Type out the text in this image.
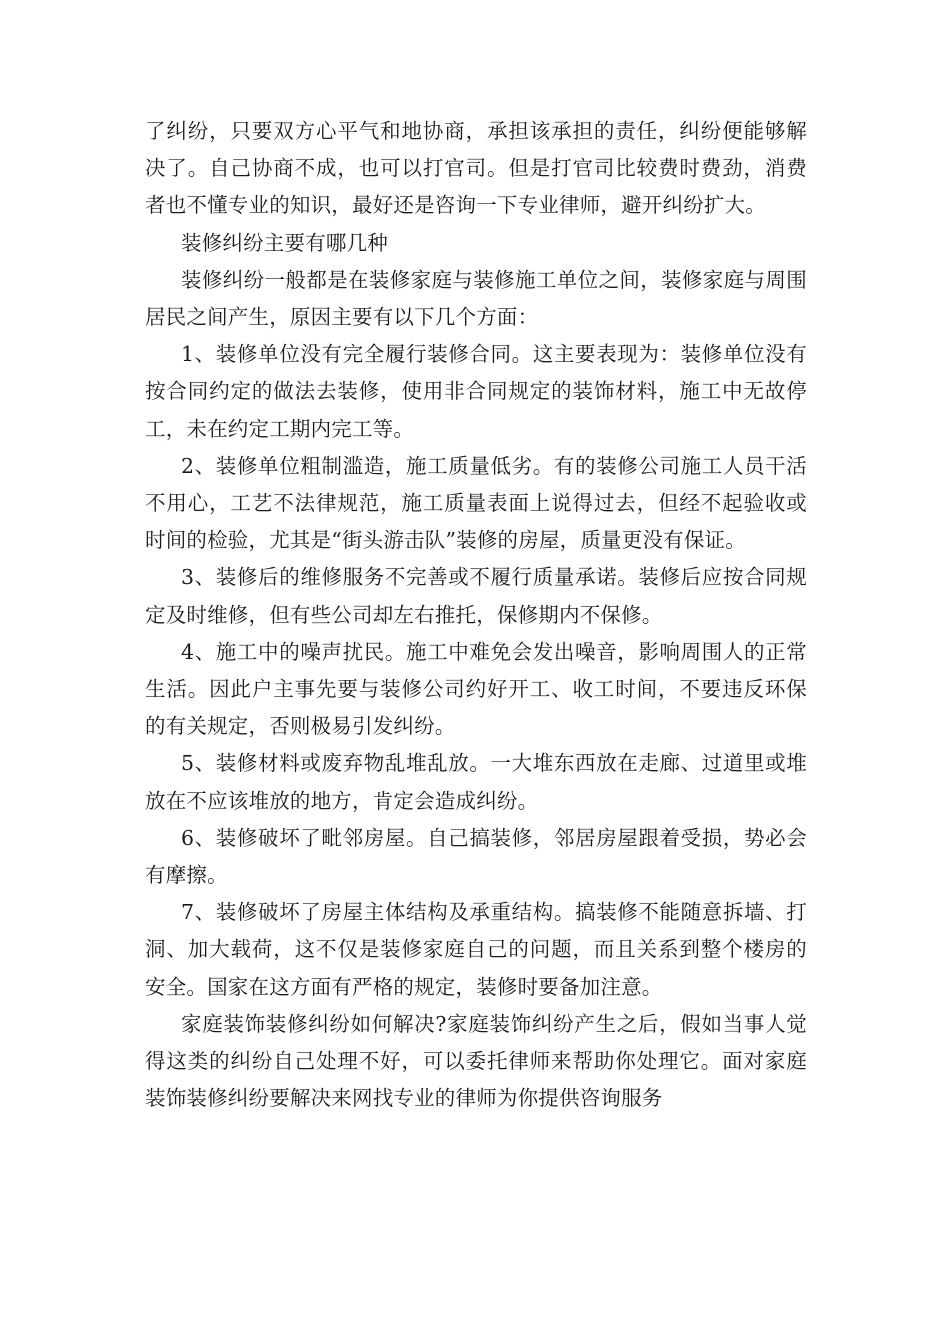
了纠纷，只要双方心平气和地协商，承担该承担的责任，纠纷便能够解决了。自己协商不成，也可以打官司。但是打官司比较费时费劲，消费者也不懂专业的知识，最好还是咨询一下专业律师，避开纠纷扩大。

装修纠纷主要有哪几种

装修纠纷一般都是在装修家庭与装修施工单位之间，装修家庭与周围居民之间产生，原因主要有以下几个方面：

1、装修单位没有完全履行装修合同。这主要表现为：装修单位没有按合同约定的做法去装修，使用非合同规定的装饰材料，施工中无故停工，未在约定工期内完工等。

2、装修单位粗制滥造，施工质量低劣。有的装修公司施工人员干活不用心，工艺不法律规范，施工质量表面上说得过去，但经不起验收或时间的检验，尤其是“街头游击队”装修的房屋，质量更没有保证。

3、装修后的维修服务不完善或不履行质量承诺。装修后应按合同规定及时维修，但有些公司却左右推托，保修期内不保修。

4、施工中的噪声扰民。施工中难免会发出噪音，影响周围人的正常生活。因此户主事先要与装修公司约好开工、收工时间，不要违反环保的有关规定，否则极易引发纠纷。

5、装修材料或废弃物乱堆乱放。一大堆东西放在走廊、过道里或堆放在不应该堆放的地方，肯定会造成纠纷。

6、装修破坏了毗邻房屋。自己搞装修，邻居房屋跟着受损，势必会有摩擦。

7、装修破坏了房屋主体结构及承重结构。搞装修不能随意拆墙、打洞、加大载荷，这不仅是装修家庭自己的问题，而且关系到整个楼房的安全。国家在这方面有严格的规定，装修时要备加注意。

家庭装饰装修纠纷如何解决?家庭装饰纠纷产生之后，假如当事人觉得这类的纠纷自己处理不好，可以委托律师来帮助你处理它。面对家庭装饰装修纠纷要解决来网找专业的律师为你提供咨询服务
